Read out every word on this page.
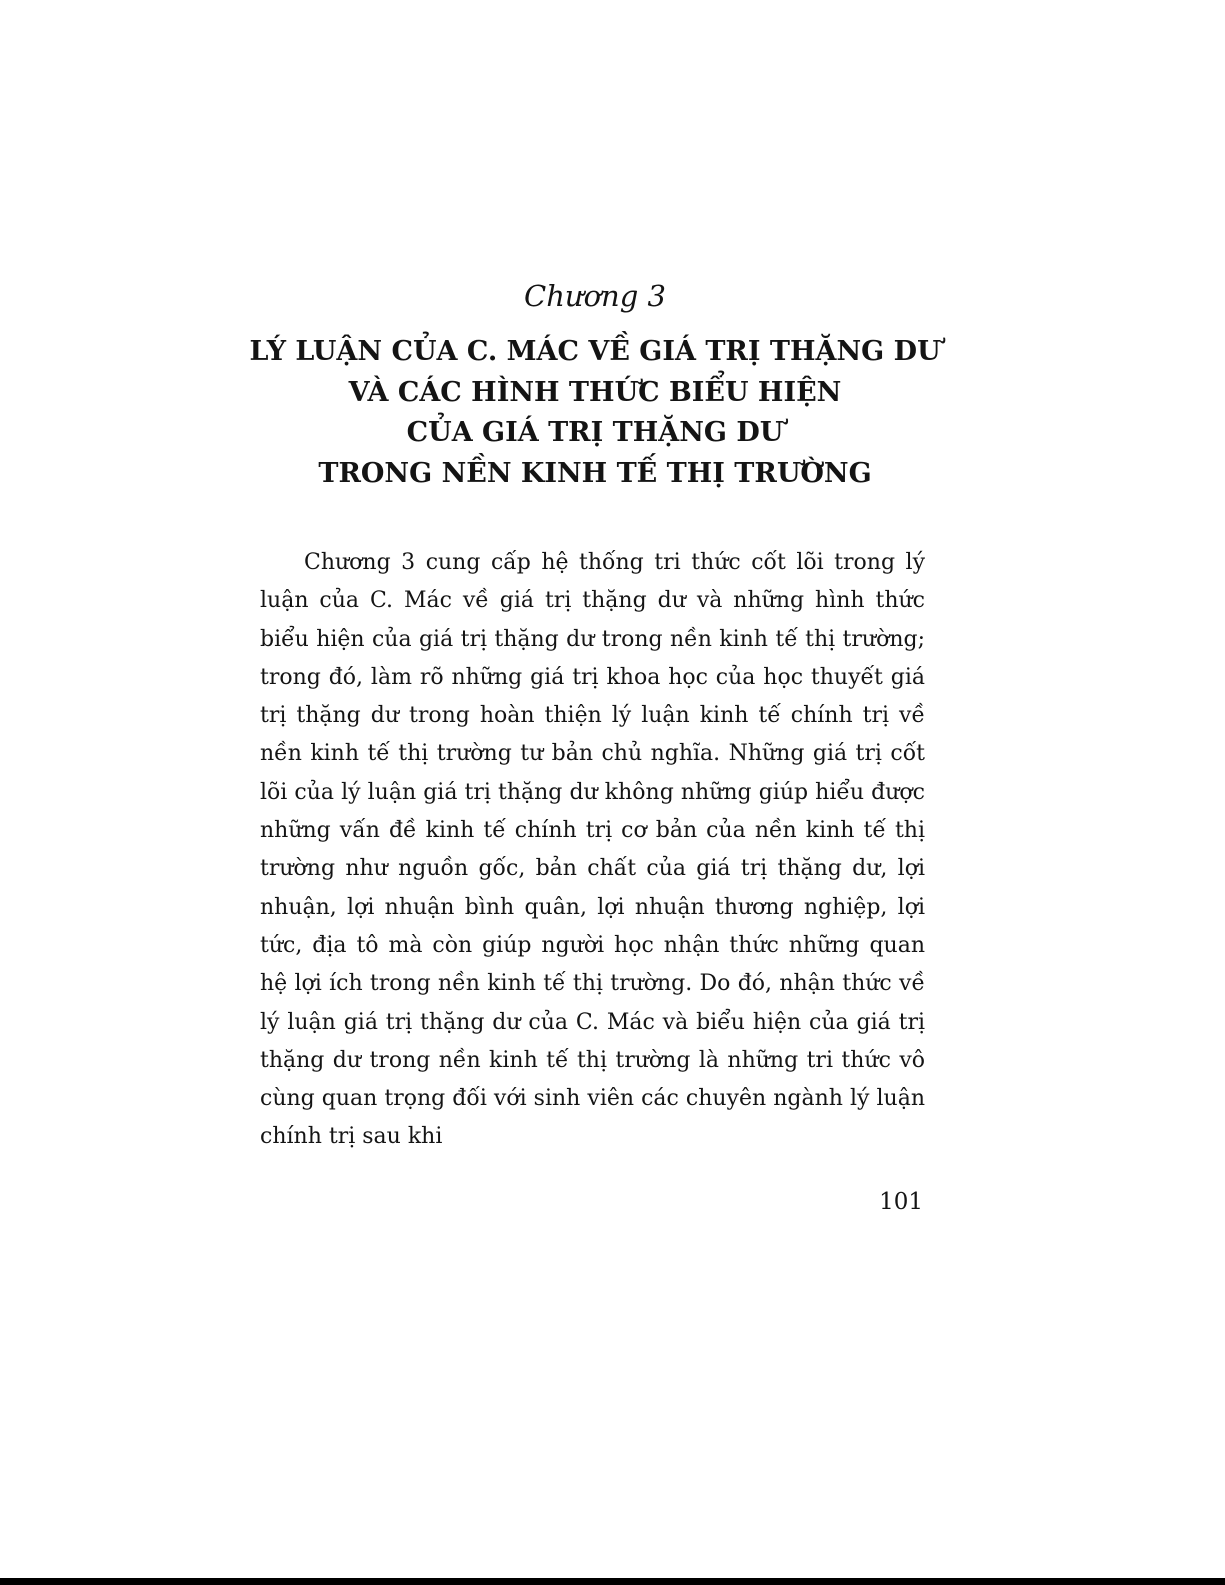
Chương 3

LÝ LUẬN CỦA C. MÁC VỀ GIÁ TRỊ THẶNG DƯ
VÀ CÁC HÌNH THỨC BIỂU HIỆN
CỦA GIÁ TRỊ THẶNG DƯ
TRONG NỀN KINH TẾ THỊ TRƯỜNG

Chương 3 cung cấp hệ thống tri thức cốt lõi trong lý luận của C. Mác về giá trị thặng dư và những hình thức biểu hiện của giá trị thặng dư trong nền kinh tế thị trường; trong đó, làm rõ những giá trị khoa học của học thuyết giá trị thặng dư trong hoàn thiện lý luận kinh tế chính trị về nền kinh tế thị trường tư bản chủ nghĩa. Những giá trị cốt lõi của lý luận giá trị thặng dư không những giúp hiểu được những vấn đề kinh tế chính trị cơ bản của nền kinh tế thị trường như nguồn gốc, bản chất của giá trị thặng dư, lợi nhuận, lợi nhuận bình quân, lợi nhuận thương nghiệp, lợi tức, địa tô mà còn giúp người học nhận thức những quan hệ lợi ích trong nền kinh tế thị trường. Do đó, nhận thức về lý luận giá trị thặng dư của C. Mác và biểu hiện của giá trị thặng dư trong nền kinh tế thị trường là những tri thức vô cùng quan trọng đối với sinh viên các chuyên ngành lý luận chính trị sau khi

101
